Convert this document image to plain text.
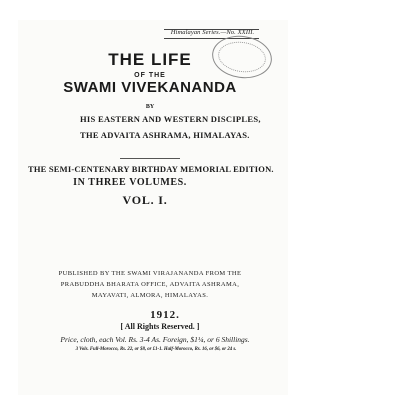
Himalayan Series.—No. XXIII.
THE LIFE
OF THE
SWAMI VIVEKANANDA
BY
HIS EASTERN AND WESTERN DISCIPLES,
THE ADVAITA ASHRAMA, HIMALAYAS.
THE SEMI-CENTENARY BIRTHDAY MEMORIAL EDITION.
IN THREE VOLUMES.
VOL. I.
PUBLISHED BY THE SWAMI VIRAJANANDA FROM THE
PRABUDDHA BHARATA OFFICE, ADVAITA ASHRAMA,
MAYAVATI, ALMORA, HIMALAYAS.
1912.
[ All Rights Reserved. ]
Price, cloth, each Vol. Rs. 3-4 As. Foreign, $1¼, or 6 Shillings.
3 Vols. Full-Morocco, Rs. 22, or $8, or £1-1. Half-Morocco, Rs. 16, or $6, or 24 s.
